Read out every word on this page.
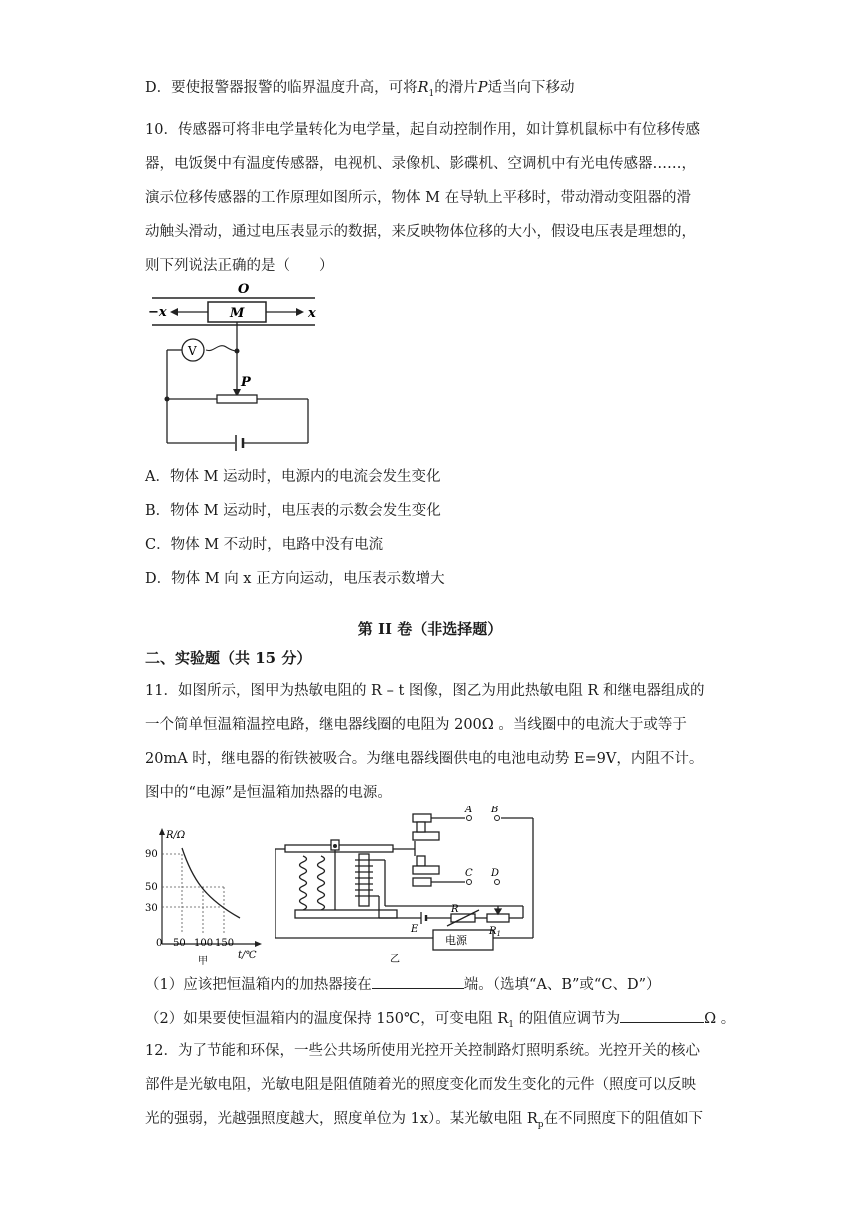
D．要使报警器报警的临界温度升高，可将$R_1$的滑片P适当向下移动
10．传感器可将非电学量转化为电学量，起自动控制作用，如计算机鼠标中有位移传感
器，电饭煲中有温度传感器，电视机、录像机、影碟机、空调机中有光电传感器……，
演示位移传感器的工作原理如图所示，物体 M 在导轨上平移时，带动滑动变阻器的滑
动触头滑动，通过电压表显示的数据，来反映物体位移的大小，假设电压表是理想的，
则下列说法正确的是（　　）
O
M
−x	x
V
P
A．物体 M 运动时，电源内的电流会发生变化
B．物体 M 运动时，电压表的示数会发生变化
C．物体 M 不动时，电路中没有电流
D．物体 M 向 x 正方向运动，电压表示数增大
第 II 卷（非选择题）
二、实验题（共 15 分）
11．如图所示，图甲为热敏电阻的 R – t 图像，图乙为用此热敏电阻 R 和继电器组成的
一个简单恒温箱温控电路，继电器线圈的电阻为 200Ω 。当线圈中的电流大于或等于
20mA 时，继电器的衔铁被吸合。为继电器线圈供电的电池电动势 E=9V，内阻不计。
图中的“电源”是恒温箱加热器的电源。
R/Ω
t/℃
90
50
30
0 50 100 150
甲
A B
C D
E
R
$R_1$
电源
乙
（1）应该把恒温箱内的加热器接在	端。（选填“A、B”或“C、D”）
（2）如果要使恒温箱内的温度保持 150℃，可变电阻 $R_1$ 的阻值应调节为	Ω 。
12．为了节能和环保，一些公共场所使用光控开关控制路灯照明系统。光控开关的核心
部件是光敏电阻，光敏电阻是阻值随着光的照度变化而发生变化的元件（照度可以反映
光的强弱，光越强照度越大，照度单位为 1x）。某光敏电阻 $R_p$在不同照度下的阻值如下
